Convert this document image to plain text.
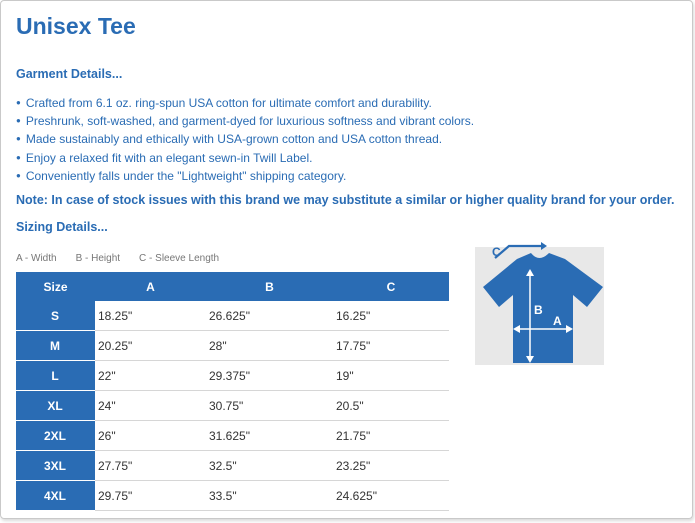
Unisex Tee
Garment Details...
● Crafted from 6.1 oz. ring-spun USA cotton for ultimate comfort and durability.
● Preshrunk, soft-washed, and garment-dyed for luxurious softness and vibrant colors.
● Made sustainably and ethically with USA-grown cotton and USA cotton thread.
● Enjoy a relaxed fit with an elegant sewn-in Twill Label.
● Conveniently falls under the "Lightweight" shipping category.
Note: In case of stock issues with this brand we may substitute a similar or higher quality brand for your order.
Sizing Details...
A - Width B - Height C - Sleeve Length
Size	A	B	C
S	18.25"	26.625"	16.25"
M	20.25"	28"	17.75"
L	22"	29.375"	19"
XL	24"	30.75"	20.5"
2XL	26"	31.625"	21.75"
3XL	27.75"	32.5"	23.25"
4XL	29.75"	33.5"	24.625"
C
B
A
